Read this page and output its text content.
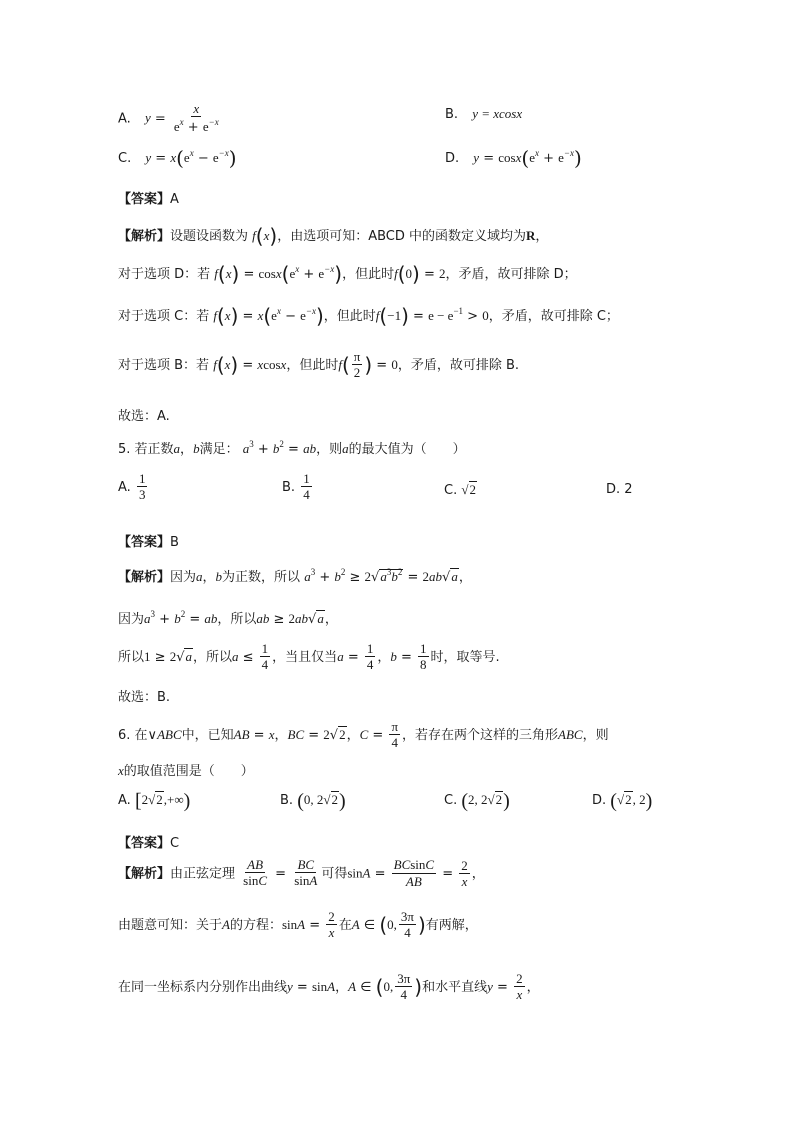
A. $y = \frac{x}{e^x + e^{-x}}$	B. y = xcosx
C. $y = x(e^x - e^{-x})$	D. $y = \cos x(e^x + e^{-x})$
【答案】A
【解析】设题设函数为 f(x)，由选项可知：ABCD 中的函数定义域均为R，
对于选项 D：若 $f(x) = \cos x(e^x + e^{-x})$，但此时f(0) = 2，矛盾，故可排除 D；
对于选项 C：若 $f(x) = x(e^x - e^{-x})$，但此时$f(-1) = e - e^{-1} > 0$，矛盾，故可排除 C；
对于选项 B：若 f(x) = xcosx，但此时$f( \frac{\pi}{2}$ ) = 0，矛盾，故可排除 B.
故选：A.
5. 若正数a，b满足： $a^3 + b^2$ = ab，则a的最大值为（　　）
A. $\frac{1}{3}$	B. $\frac{1}{4}$	C. √2	D. 2
【答案】B
【解析】因为a，b为正数，所以 $a^3 + b^2 \ge 2√a^3b^2 = 2ab√a$，
因为$a^3 + b^2$ = ab，所以ab ≥ 2ab√a，
所以1 ≥ 2√a，所以$a \le \frac{1}{4}$ ，当且仅当$a = \frac{1}{4}$ ，$b = \frac{1}{8}$ 时，取等号.
故选：B.
6. 在∨ABC中，已知AB = x，BC = 2√2，$C = \frac{\pi}{4}$ ，若存在两个这样的三角形ABC，则
x的取值范围是（　　）
A. [2√2,+∞)	B. (0, 2√2)	C. (2, 2√2)	D. (√2, 2)
【答案】C
【解析】由正弦定理 $\frac{AB}{\sin C} = \frac{BC}{\sin A}$ 可得$\sin A = \frac{BCsinC}{AB} = \frac{2}{x}$ ，
由题意可知：关于A的方程：$\sin A = \frac{2}{x}$ 在A ∈ (0, $\frac{3\pi}{4}$ )有两解，
在同一坐标系内分别作出曲线y = sinA，A ∈ (0, $\frac{3\pi}{4}$ )和水平直线$y = \frac{2}{x}$ ，
